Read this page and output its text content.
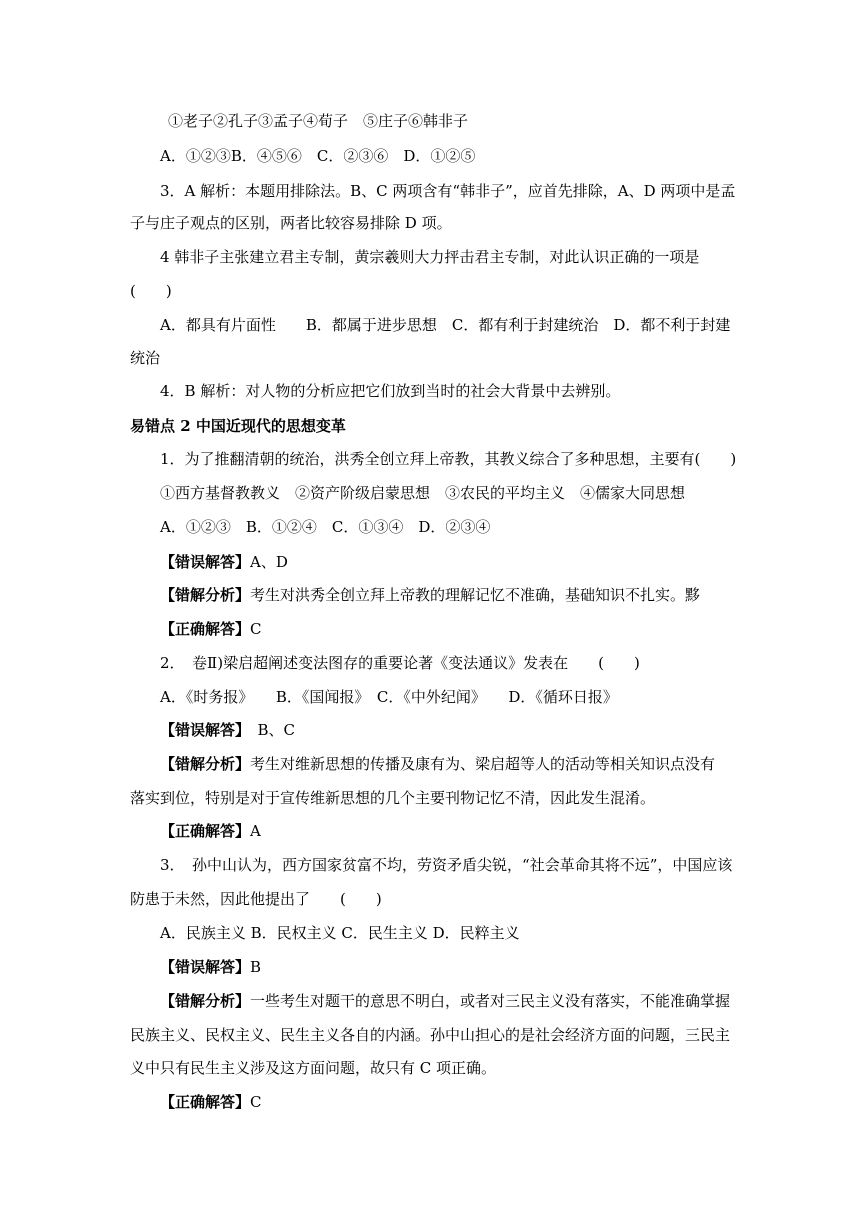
①老子②孔子③孟子④荀子　⑤庄子⑥韩非子
A．①②③B．④⑤⑥　C．②③⑥　D．①②⑤
3．A 解析：本题用排除法。B、C 两项含有“韩非子”，应首先排除，A、D 两项中是孟
子与庄子观点的区别，两者比较容易排除 D 项。
4 韩非子主张建立君主专制，黄宗羲则大力抨击君主专制，对此认识正确的一项是
(　　)
A．都具有片面性　　B．都属于进步思想　C．都有利于封建统治　D．都不利于封建
统治
4．B 解析：对人物的分析应把它们放到当时的社会大背景中去辨别。
易错点 2 中国近现代的思想变革
1．为了推翻清朝的统治，洪秀全创立拜上帝教，其教义综合了多种思想，主要有(　　)
①西方基督教教义　②资产阶级启蒙思想　③农民的平均主义　④儒家大同思想
A．①②③　B．①②④　C．①③④　D．②③④
【错误解答】A、D
【错解分析】考生对洪秀全创立拜上帝教的理解记忆不准确，基础知识不扎实。黟
【正确解答】C
2．　卷Ⅱ)梁启超阐述变法图存的重要论著《变法通议》发表在　　(　　)
A．《时务报》　　B．《国闻报》　C．《中外纪闻》　　D．《循环日报》
【错误解答】　B、C
【错解分析】考生对维新思想的传播及康有为、梁启超等人的活动等相关知识点没有
落实到位，特别是对于宣传维新思想的几个主要刊物记忆不清，因此发生混淆。
【正确解答】A
3．　孙中山认为，西方国家贫富不均，劳资矛盾尖锐，“社会革命其将不远”，中国应该
防患于未然，因此他提出了　　(　　)
A．民族主义 B．民权主义 C．民生主义 D．民粹主义
【错误解答】B
【错解分析】一些考生对题干的意思不明白，或者对三民主义没有落实，不能准确掌握
民族主义、民权主义、民生主义各自的内涵。孙中山担心的是社会经济方面的问题，三民主
义中只有民生主义涉及这方面问题，故只有 C 项正确。
【正确解答】C
